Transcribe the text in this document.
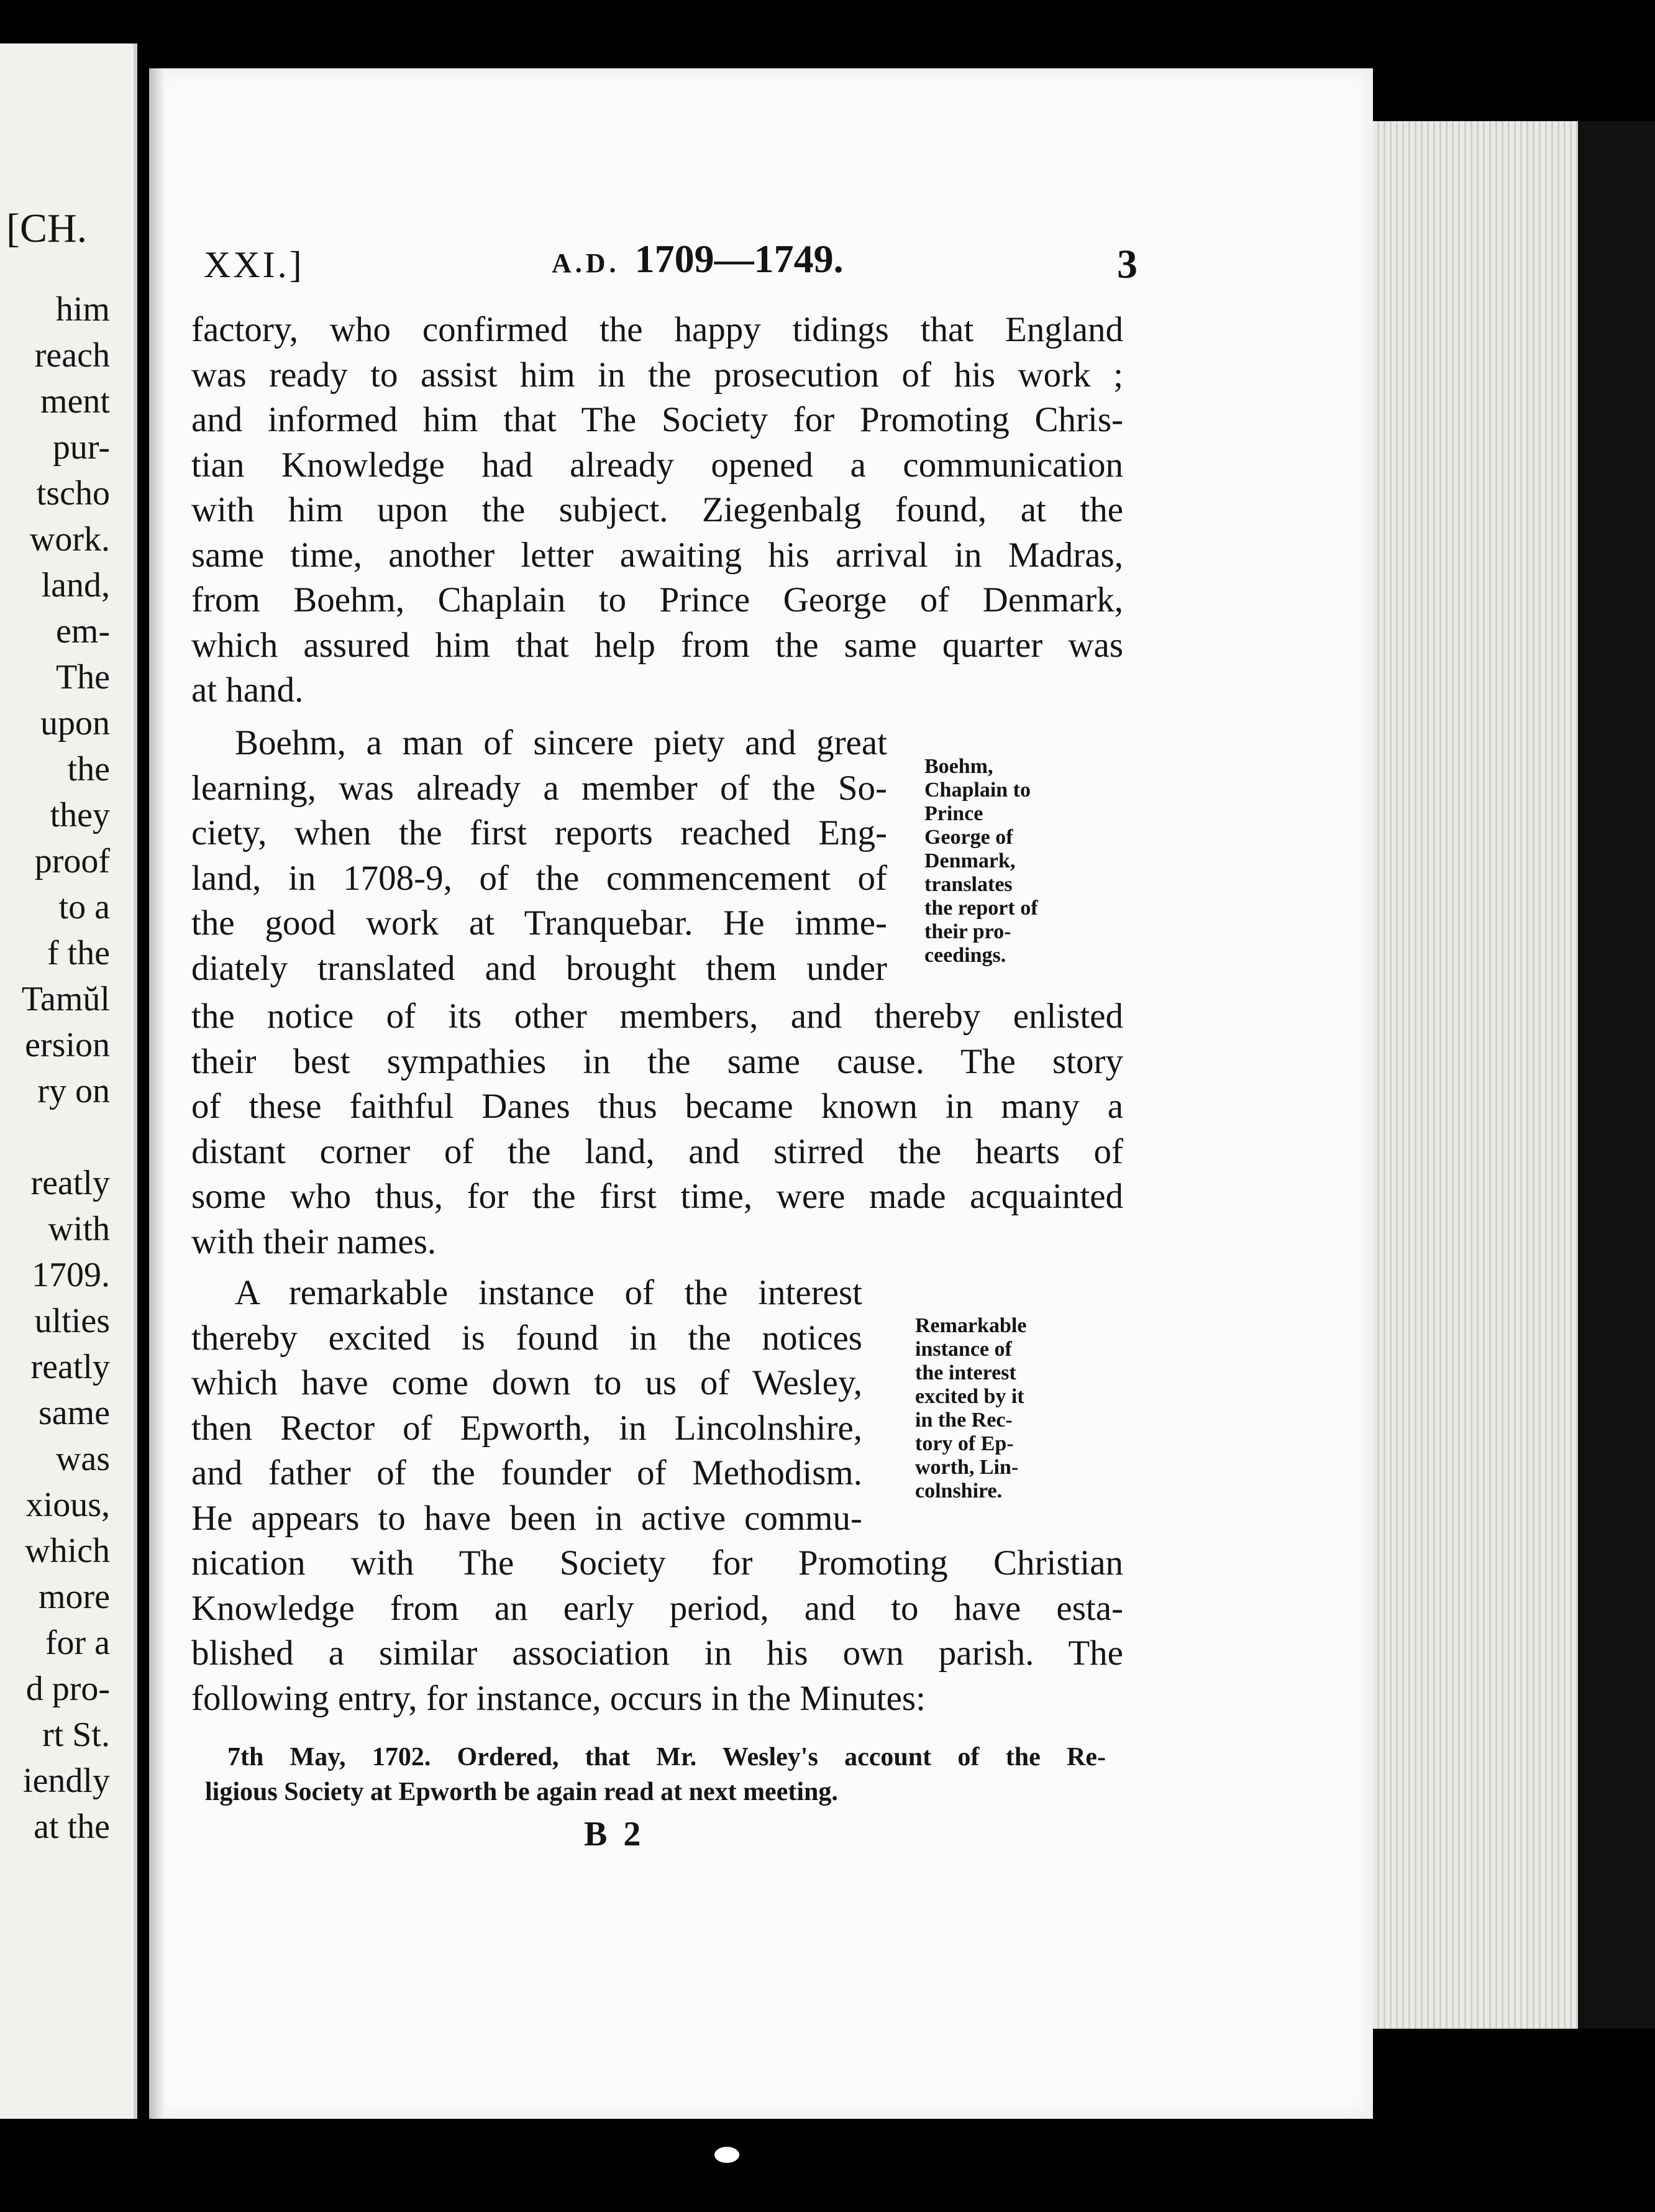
[CH.
him
reach
ment
pur-
tscho
work.
land,
em-
The
upon
the
they
proof
to a
f the
Tamŭl
ersion
ry on
reatly
with
1709.
ulties
reatly
same
was
xious,
which
more
for a
d pro-
rt St.
iendly
at the
XXI.]	A.D. 1709—1749.	3

factory, who confirmed the happy tidings that England
was ready to assist him in the prosecution of his work ;
and informed him that The Society for Promoting Chris-
tian Knowledge had already opened a communication
with him upon the subject. Ziegenbalg found, at the
same time, another letter awaiting his arrival in Madras,
from Boehm, Chaplain to Prince George of Denmark,
which assured him that help from the same quarter was
at hand.

Boehm, a man of sincere piety and great
learning, was already a member of the So-
ciety, when the first reports reached Eng-
land, in 1708-9, of the commencement of
the good work at Tranquebar. He imme-
diately translated and brought them under

the notice of its other members, and thereby enlisted
their best sympathies in the same cause. The story
of these faithful Danes thus became known in many a
distant corner of the land, and stirred the hearts of
some who thus, for the first time, were made acquainted
with their names.

A remarkable instance of the interest
thereby excited is found in the notices
which have come down to us of Wesley,
then Rector of Epworth, in Lincolnshire,
and father of the founder of Methodism.
He appears to have been in active commu-

nication with The Society for Promoting Christian
Knowledge from an early period, and to have esta-
blished a similar association in his own parish. The
following entry, for instance, occurs in the Minutes:

Boehm,
Chaplain to
Prince
George of
Denmark,
translates
the report of
their pro-
ceedings.
Remarkable
instance of
the interest
excited by it
in the Rec-
tory of Ep-
worth, Lin-
colnshire.
7th May, 1702. Ordered, that Mr. Wesley's account of the Re-
ligious Society at Epworth be again read at next meeting.
B 2
